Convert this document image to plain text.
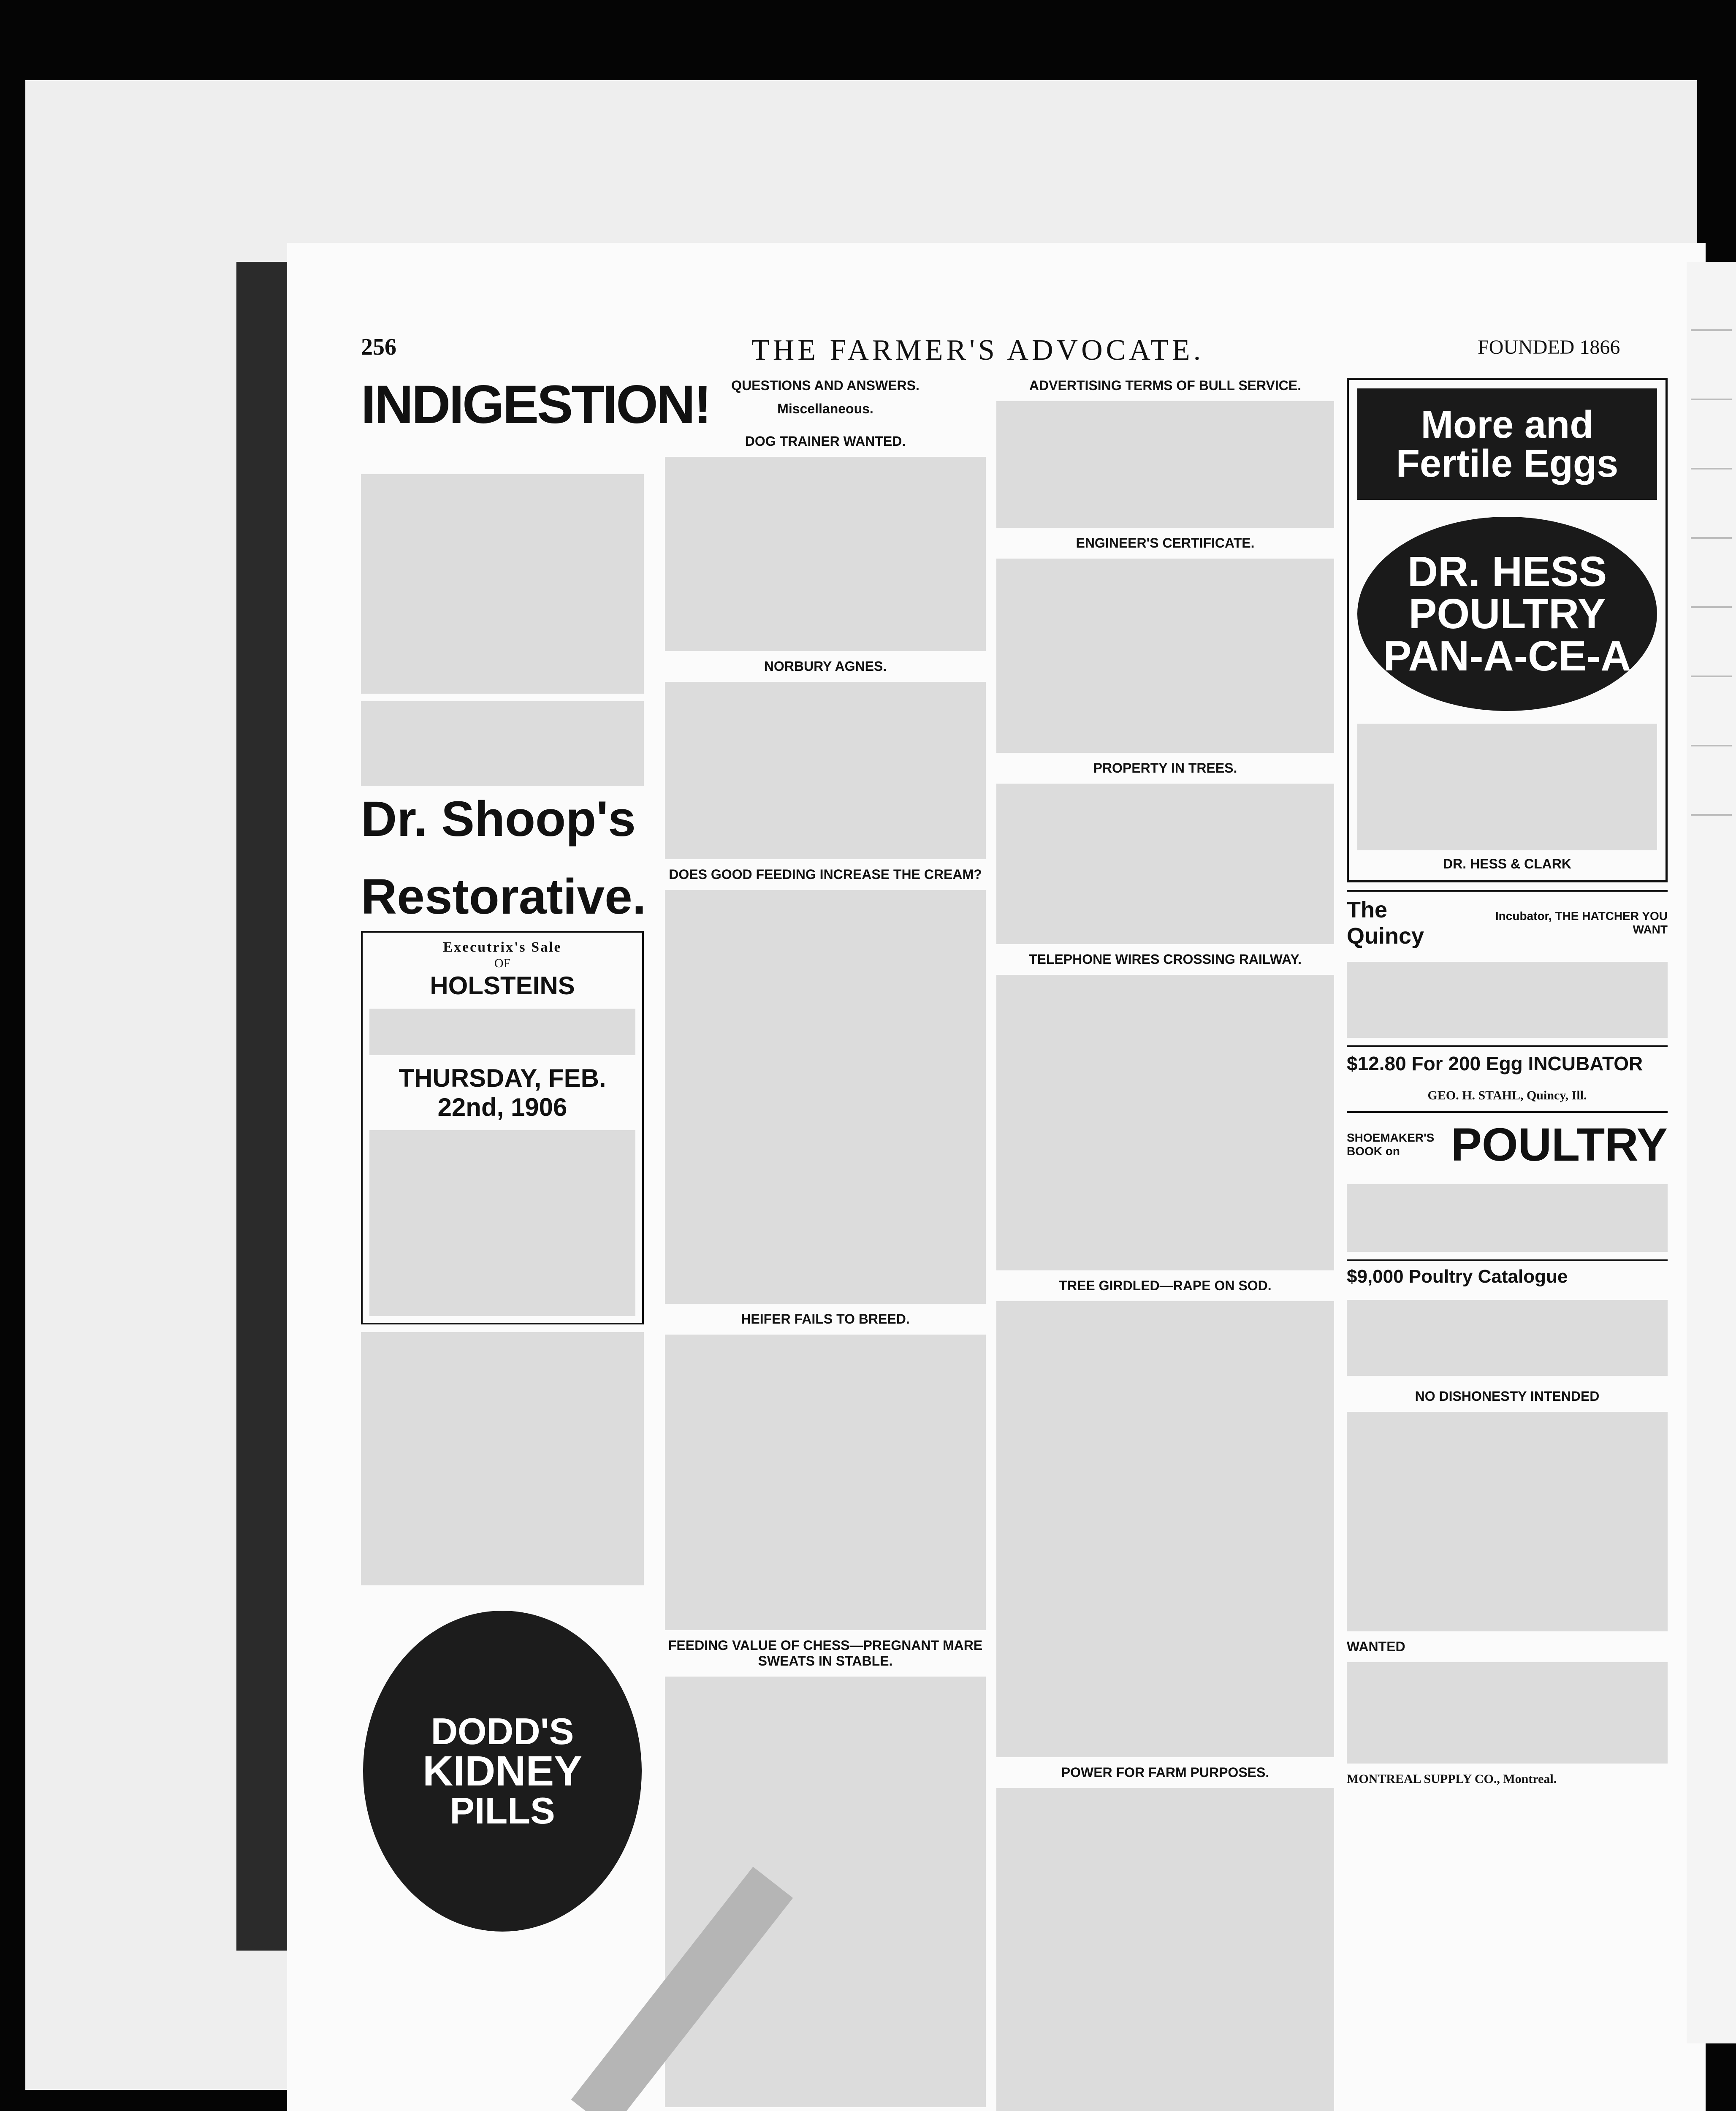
256	THE FARMER'S ADVOCATE.	FOUNDED 1866
INDIGESTION!
Dr. Shoop's
Restorative.
Executrix's Sale
OF
HOLSTEINS
THURSDAY, FEB. 22nd, 1906
DODD'S
KIDNEY
PILLS
QUESTIONS AND ANSWERS.
Miscellaneous.
DOG TRAINER WANTED.
NORBURY AGNES.
DOES GOOD FEEDING INCREASE THE CREAM?
HEIFER FAILS TO BREED.
FEEDING VALUE OF CHESS—PREGNANT MARE SWEATS IN STABLE.
ADVERTISING TERMS OF BULL SERVICE.
ENGINEER'S CERTIFICATE.
PROPERTY IN TREES.
TELEPHONE WIRES CROSSING RAILWAY.
TREE GIRDLED—RAPE ON SOD.
POWER FOR FARM PURPOSES.
More and Fertile Eggs
DR. HESS POULTRY PAN-A-CE-A
DR. HESS & CLARK
The Quincy
Incubator, THE HATCHER YOU WANT
$12.80 For 200 Egg INCUBATOR
GEO. H. STAHL, Quincy, Ill.
SHOEMAKER'S BOOK on	POULTRY
$9,000 Poultry Catalogue
NO DISHONESTY INTENDED
WANTED
MONTREAL SUPPLY CO., Montreal.
